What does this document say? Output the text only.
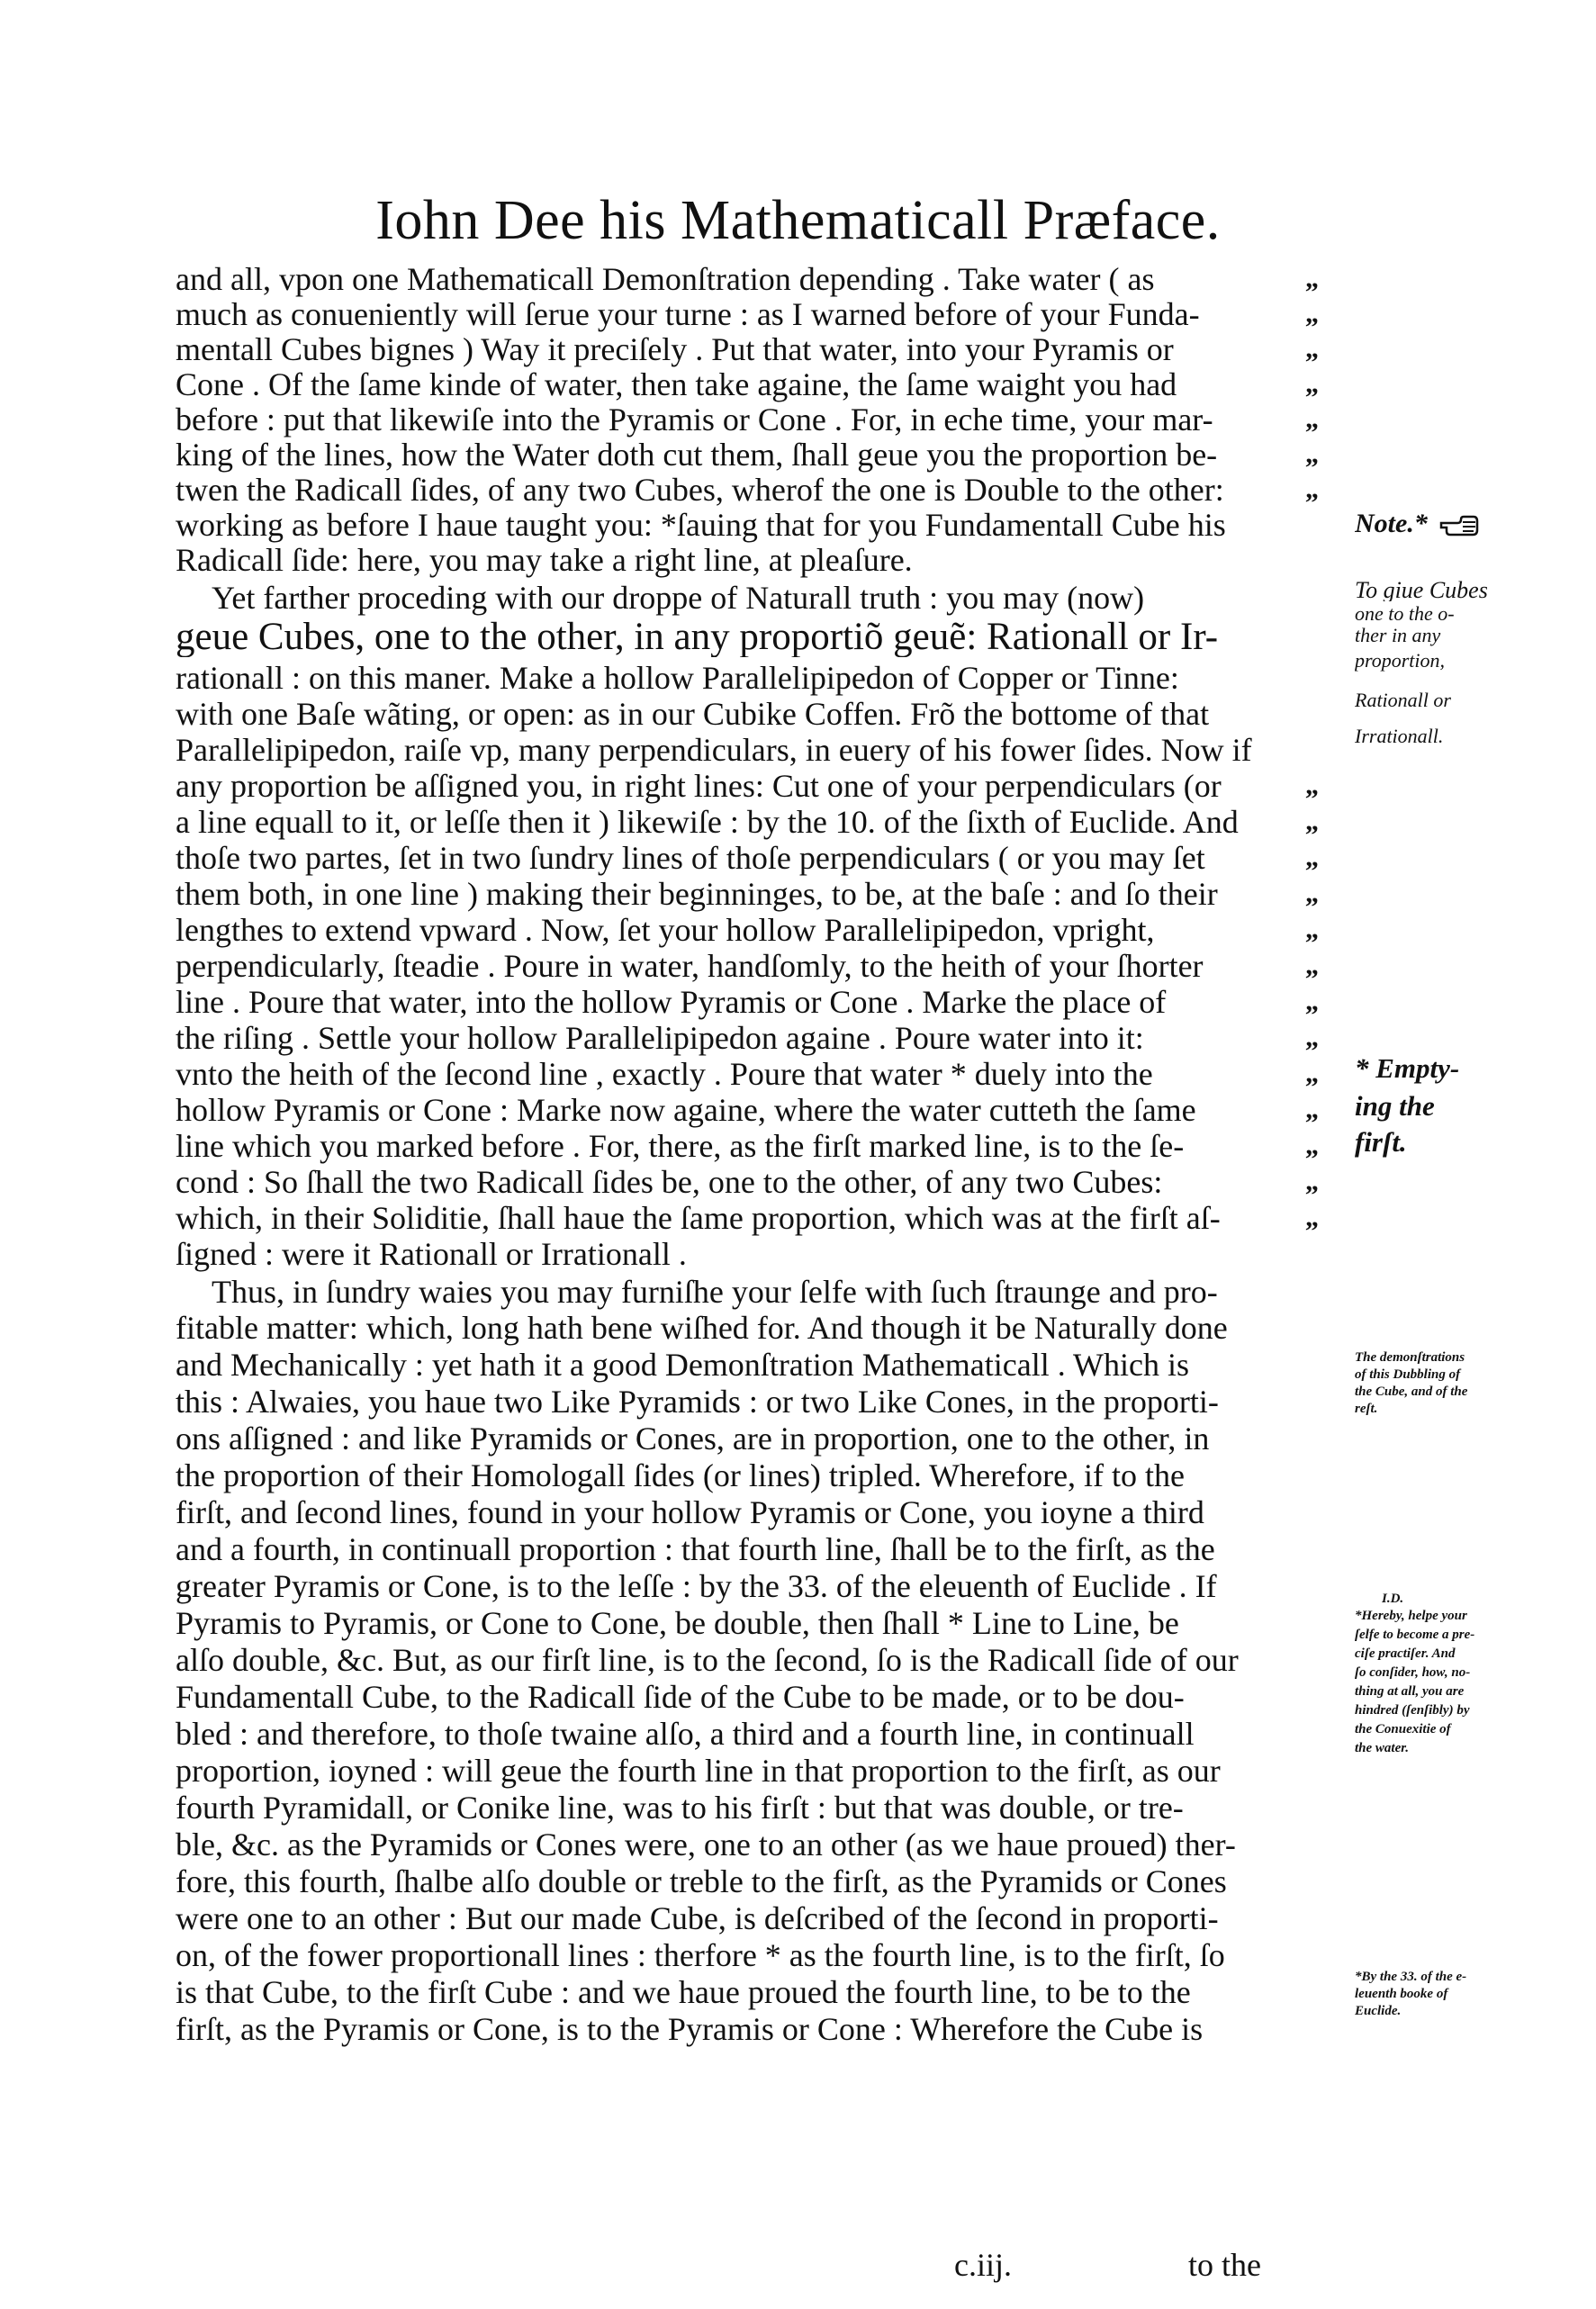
Iohn Dee his Mathematicall Præface.
and all, vpon one Mathematicall Demonſtration depending . Take water ( as
much as conueniently will ſerue your turne : as I warned before of your Funda-
mentall Cubes bignes ) Way it preciſely . Put that water, into your Pyramis or
Cone . Of the ſame kinde of water, then take againe, the ſame waight you had
before : put that likewiſe into the Pyramis or Cone . For, in eche time, your mar-
king of the lines, how the Water doth cut them, ſhall geue you the proportion be-
twen the Radicall ſides, of any two Cubes, wherof the one is Double to the other:
working as before I haue taught you: *ſauing that for you Fundamentall Cube his
Radicall ſide: here, you may take a right line, at pleaſure.
Yet farther proceding with our droppe of Naturall truth : you may (now)
geue Cubes, one to the other, in any proportiõ geuẽ: Rationall or Ir-
rationall : on this maner. Make a hollow Parallelipipedon of Copper or Tinne:
with one Baſe wãting, or open: as in our Cubike Coffen. Frõ the bottome of that
Parallelipipedon, raiſe vp, many perpendiculars, in euery of his fower ſides. Now if
any proportion be aſſigned you, in right lines: Cut one of your perpendiculars (or
a line equall to it, or leſſe then it ) likewiſe : by the 10. of the ſixth of Euclide. And
thoſe two partes, ſet in two ſundry lines of thoſe perpendiculars ( or you may ſet
them both, in one line ) making their beginninges, to be, at the baſe : and ſo their
lengthes to extend vpward . Now, ſet your hollow Parallelipipedon, vpright,
perpendicularly, ſteadie . Poure in water, handſomly, to the heith of your ſhorter
line . Poure that water, into the hollow Pyramis or Cone . Marke the place of
the riſing . Settle your hollow Parallelipipedon againe . Poure water into it:
vnto the heith of the ſecond line , exactly . Poure that water * duely into the
hollow Pyramis or Cone : Marke now againe, where the water cutteth the ſame
line which you marked before . For, there, as the firſt marked line, is to the ſe-
cond : So ſhall the two Radicall ſides be, one to the other, of any two Cubes:
which, in their Soliditie, ſhall haue the ſame proportion, which was at the firſt aſ-
ſigned : were it Rationall or Irrationall .
Thus, in ſundry waies you may furniſhe your ſelfe with ſuch ſtraunge and pro-
fitable matter: which, long hath bene wiſhed for. And though it be Naturally done
and Mechanically : yet hath it a good Demonſtration Mathematicall . Which is
this : Alwaies, you haue two Like Pyramids : or two Like Cones, in the proporti-
ons aſſigned : and like Pyramids or Cones, are in proportion, one to the other, in
the proportion of their Homologall ſides (or lines) tripled. Wherefore, if to the
firſt, and ſecond lines, found in your hollow Pyramis or Cone, you ioyne a third
and a fourth, in continuall proportion : that fourth line, ſhall be to the firſt, as the
greater Pyramis or Cone, is to the leſſe : by the 33. of the eleuenth of Euclide . If
Pyramis to Pyramis, or Cone to Cone, be double, then ſhall * Line to Line, be
alſo double, &c. But, as our firſt line, is to the ſecond, ſo is the Radicall ſide of our
Fundamentall Cube, to the Radicall ſide of the Cube to be made, or to be dou-
bled : and therefore, to thoſe twaine alſo, a third and a fourth line, in continuall
proportion, ioyned : will geue the fourth line in that proportion to the firſt, as our
fourth Pyramidall, or Conike line, was to his firſt : but that was double, or tre-
ble, &c. as the Pyramids or Cones were, one to an other (as we haue proued) ther-
fore, this fourth, ſhalbe alſo double or treble to the firſt, as the Pyramids or Cones
were one to an other : But our made Cube, is deſcribed of the ſecond in proporti-
on, of the fower proportionall lines : therfore * as the fourth line, is to the firſt, ſo
is that Cube, to the firſt Cube : and we haue proued the fourth line, to be to the
firſt, as the Pyramis or Cone, is to the Pyramis or Cone : Wherefore the Cube is
„
„
„
„
„
„
„
„
„
„
„
„
„
„
„
„
„
„
„
„
Note.*
To giue Cubes
one to the o-
ther in any
proportion,
Rationall or
Irrationall.
* Empty-
ing the
firſt.
The demonſtrations
of this Dubbling of
the Cube, and of the
reſt.
I.D.
*Hereby, helpe your
ſelfe to become a pre-
ciſe practiſer. And
ſo conſider, how, no-
thing at all, you are
hindred (ſenſibly) by
the Conuexitie of
the water.
*By the 33. of the e-
leuenth booke of
Euclide.
c.iij.	to the
